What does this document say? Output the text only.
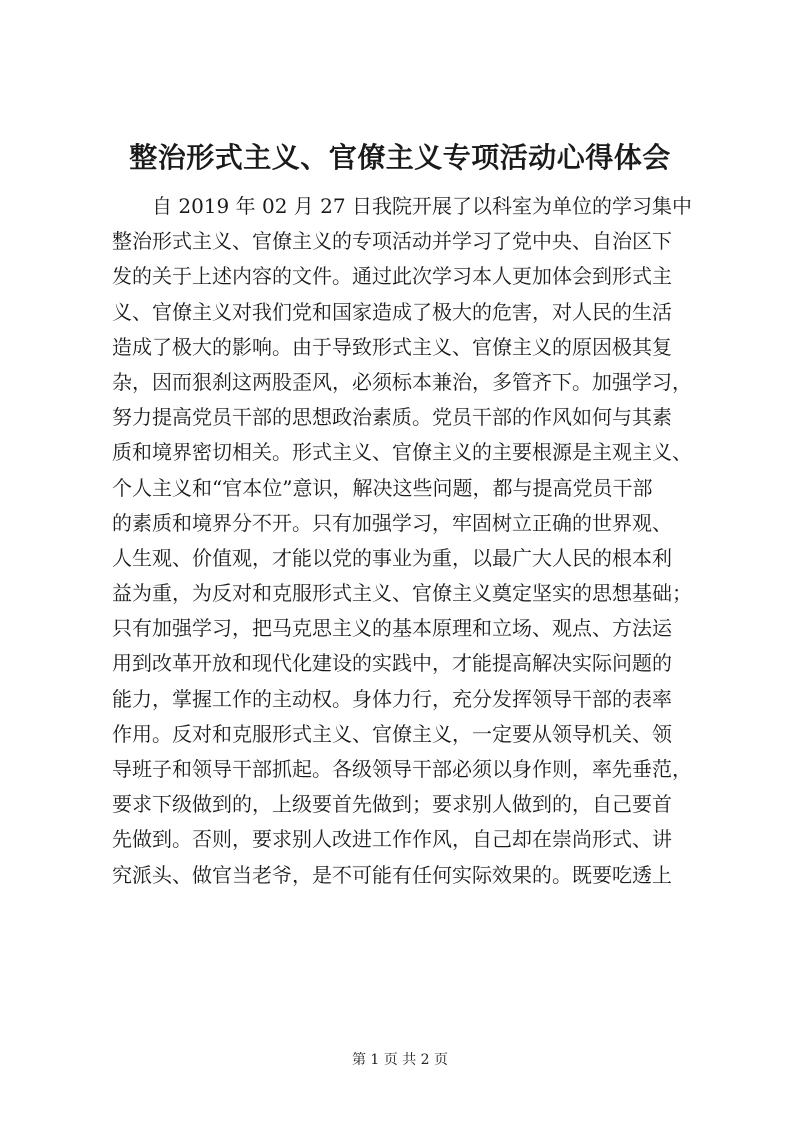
整治形式主义、官僚主义专项活动心得体会
自 2019 年 02 月 27 日我院开展了以科室为单位的学习集中
整治形式主义、官僚主义的专项活动并学习了党中央、自治区下
发的关于上述内容的文件。通过此次学习本人更加体会到形式主
义、官僚主义对我们党和国家造成了极大的危害，对人民的生活
造成了极大的影响。由于导致形式主义、官僚主义的原因极其复
杂，因而狠刹这两股歪风，必须标本兼治，多管齐下。加强学习，
努力提高党员干部的思想政治素质。党员干部的作风如何与其素
质和境界密切相关。形式主义、官僚主义的主要根源是主观主义、
个人主义和“官本位”意识，解决这些问题，都与提高党员干部
的素质和境界分不开。只有加强学习，牢固树立正确的世界观、
人生观、价值观，才能以党的事业为重，以最广大人民的根本利
益为重，为反对和克服形式主义、官僚主义奠定坚实的思想基础；
只有加强学习，把马克思主义的基本原理和立场、观点、方法运
用到改革开放和现代化建设的实践中，才能提高解决实际问题的
能力，掌握工作的主动权。身体力行，充分发挥领导干部的表率
作用。反对和克服形式主义、官僚主义，一定要从领导机关、领
导班子和领导干部抓起。各级领导干部必须以身作则，率先垂范，
要求下级做到的，上级要首先做到；要求别人做到的，自己要首
先做到。否则，要求别人改进工作作风，自己却在崇尚形式、讲
究派头、做官当老爷，是不可能有任何实际效果的。既要吃透上
第 1 页 共 2 页
